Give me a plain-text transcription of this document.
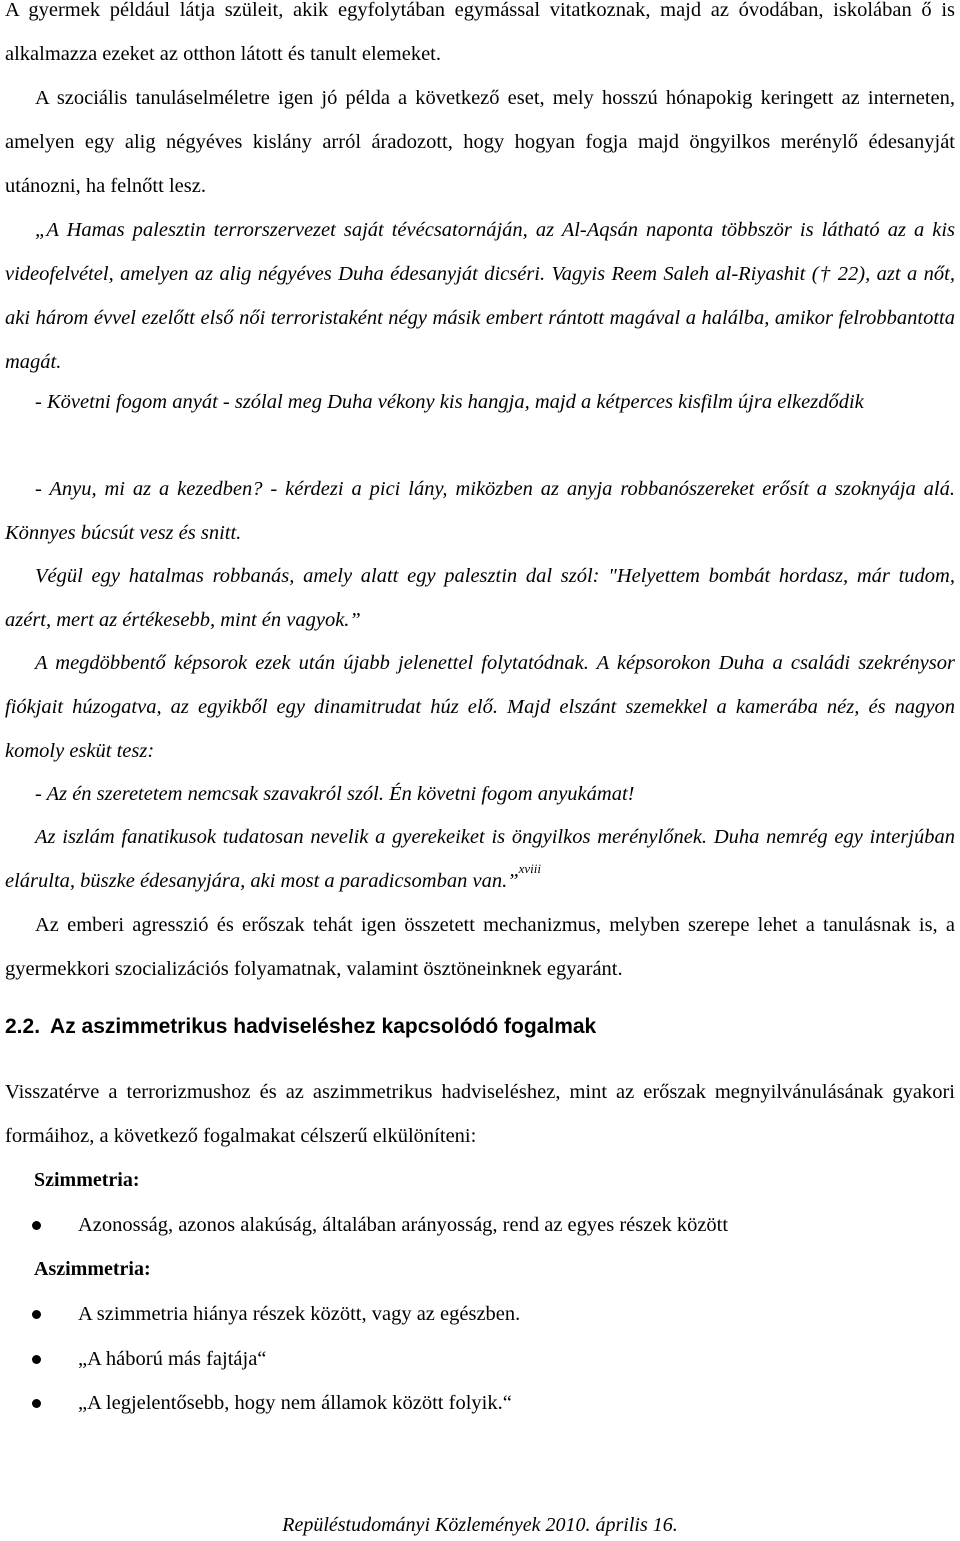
A gyermek például látja szüleit, akik egyfolytában egymással vitatkoznak, majd az óvodában, iskolában ő is alkalmazza ezeket az otthon látott és tanult elemeket.

A szociális tanuláselméletre igen jó példa a következő eset, mely hosszú hónapokig keringett az interneten, amelyen egy alig négyéves kislány arról áradozott, hogy hogyan fogja majd öngyilkos merénylő édesanyját utánozni, ha felnőtt lesz.

„A Hamas palesztin terrorszervezet saját tévécsatornáján, az Al-Aqsán naponta többször is látható az a kis videofelvétel, amelyen az alig négyéves Duha édesanyját dicséri. Vagyis Reem Saleh al-Riyashit († 22), azt a nőt, aki három évvel ezelőtt első női terroristaként négy másik embert rántott magával a halálba, amikor felrobbantotta magát.

- Követni fogom anyát - szólal meg Duha vékony kis hangja, majd a kétperces kisfilm újra elkezdődik

- Anyu, mi az a kezedben? - kérdezi a pici lány, miközben az anyja robbanószereket erősít a szoknyája alá. Könnyes búcsút vesz és snitt.

Végül egy hatalmas robbanás, amely alatt egy palesztin dal szól: "Helyettem bombát hordasz, már tudom, azért, mert az értékesebb, mint én vagyok.”

A megdöbbentő képsorok ezek után újabb jelenettel folytatódnak. A képsorokon Duha a családi szekrénysor fiókjait húzogatva, az egyikből egy dinamitrudat húz elő. Majd elszánt szemekkel a kamerába néz, és nagyon komoly esküt tesz:

- Az én szeretetem nemcsak szavakról szól. Én követni fogom anyukámat!

Az iszlám fanatikusok tudatosan nevelik a gyerekeiket is öngyilkos merénylőnek. Duha nemrég egy interjúban elárulta, büszke édesanyjára, aki most a paradicsomban van.”$^{xviii}$

Az emberi agresszió és erőszak tehát igen összetett mechanizmus, melyben szerepe lehet a tanulásnak is, a gyermekkori szocializációs folyamatnak, valamint ösztöneinknek egyaránt.

2.2. Az aszimmetrikus hadviseléshez kapcsolódó fogalmak

Visszatérve a terrorizmushoz és az aszimmetrikus hadviseléshez, mint az erőszak megnyilvánulásának gyakori formáihoz, a következő fogalmakat célszerű elkülöníteni:

Szimmetria:

Azonosság, azonos alakúság, általában arányosság, rend az egyes részek között

Aszimmetria:

A szimmetria hiánya részek között, vagy az egészben.
„A háború más fajtája“
„A legjelentősebb, hogy nem államok között folyik.“

Repüléstudományi Közlemények 2010. április 16.
